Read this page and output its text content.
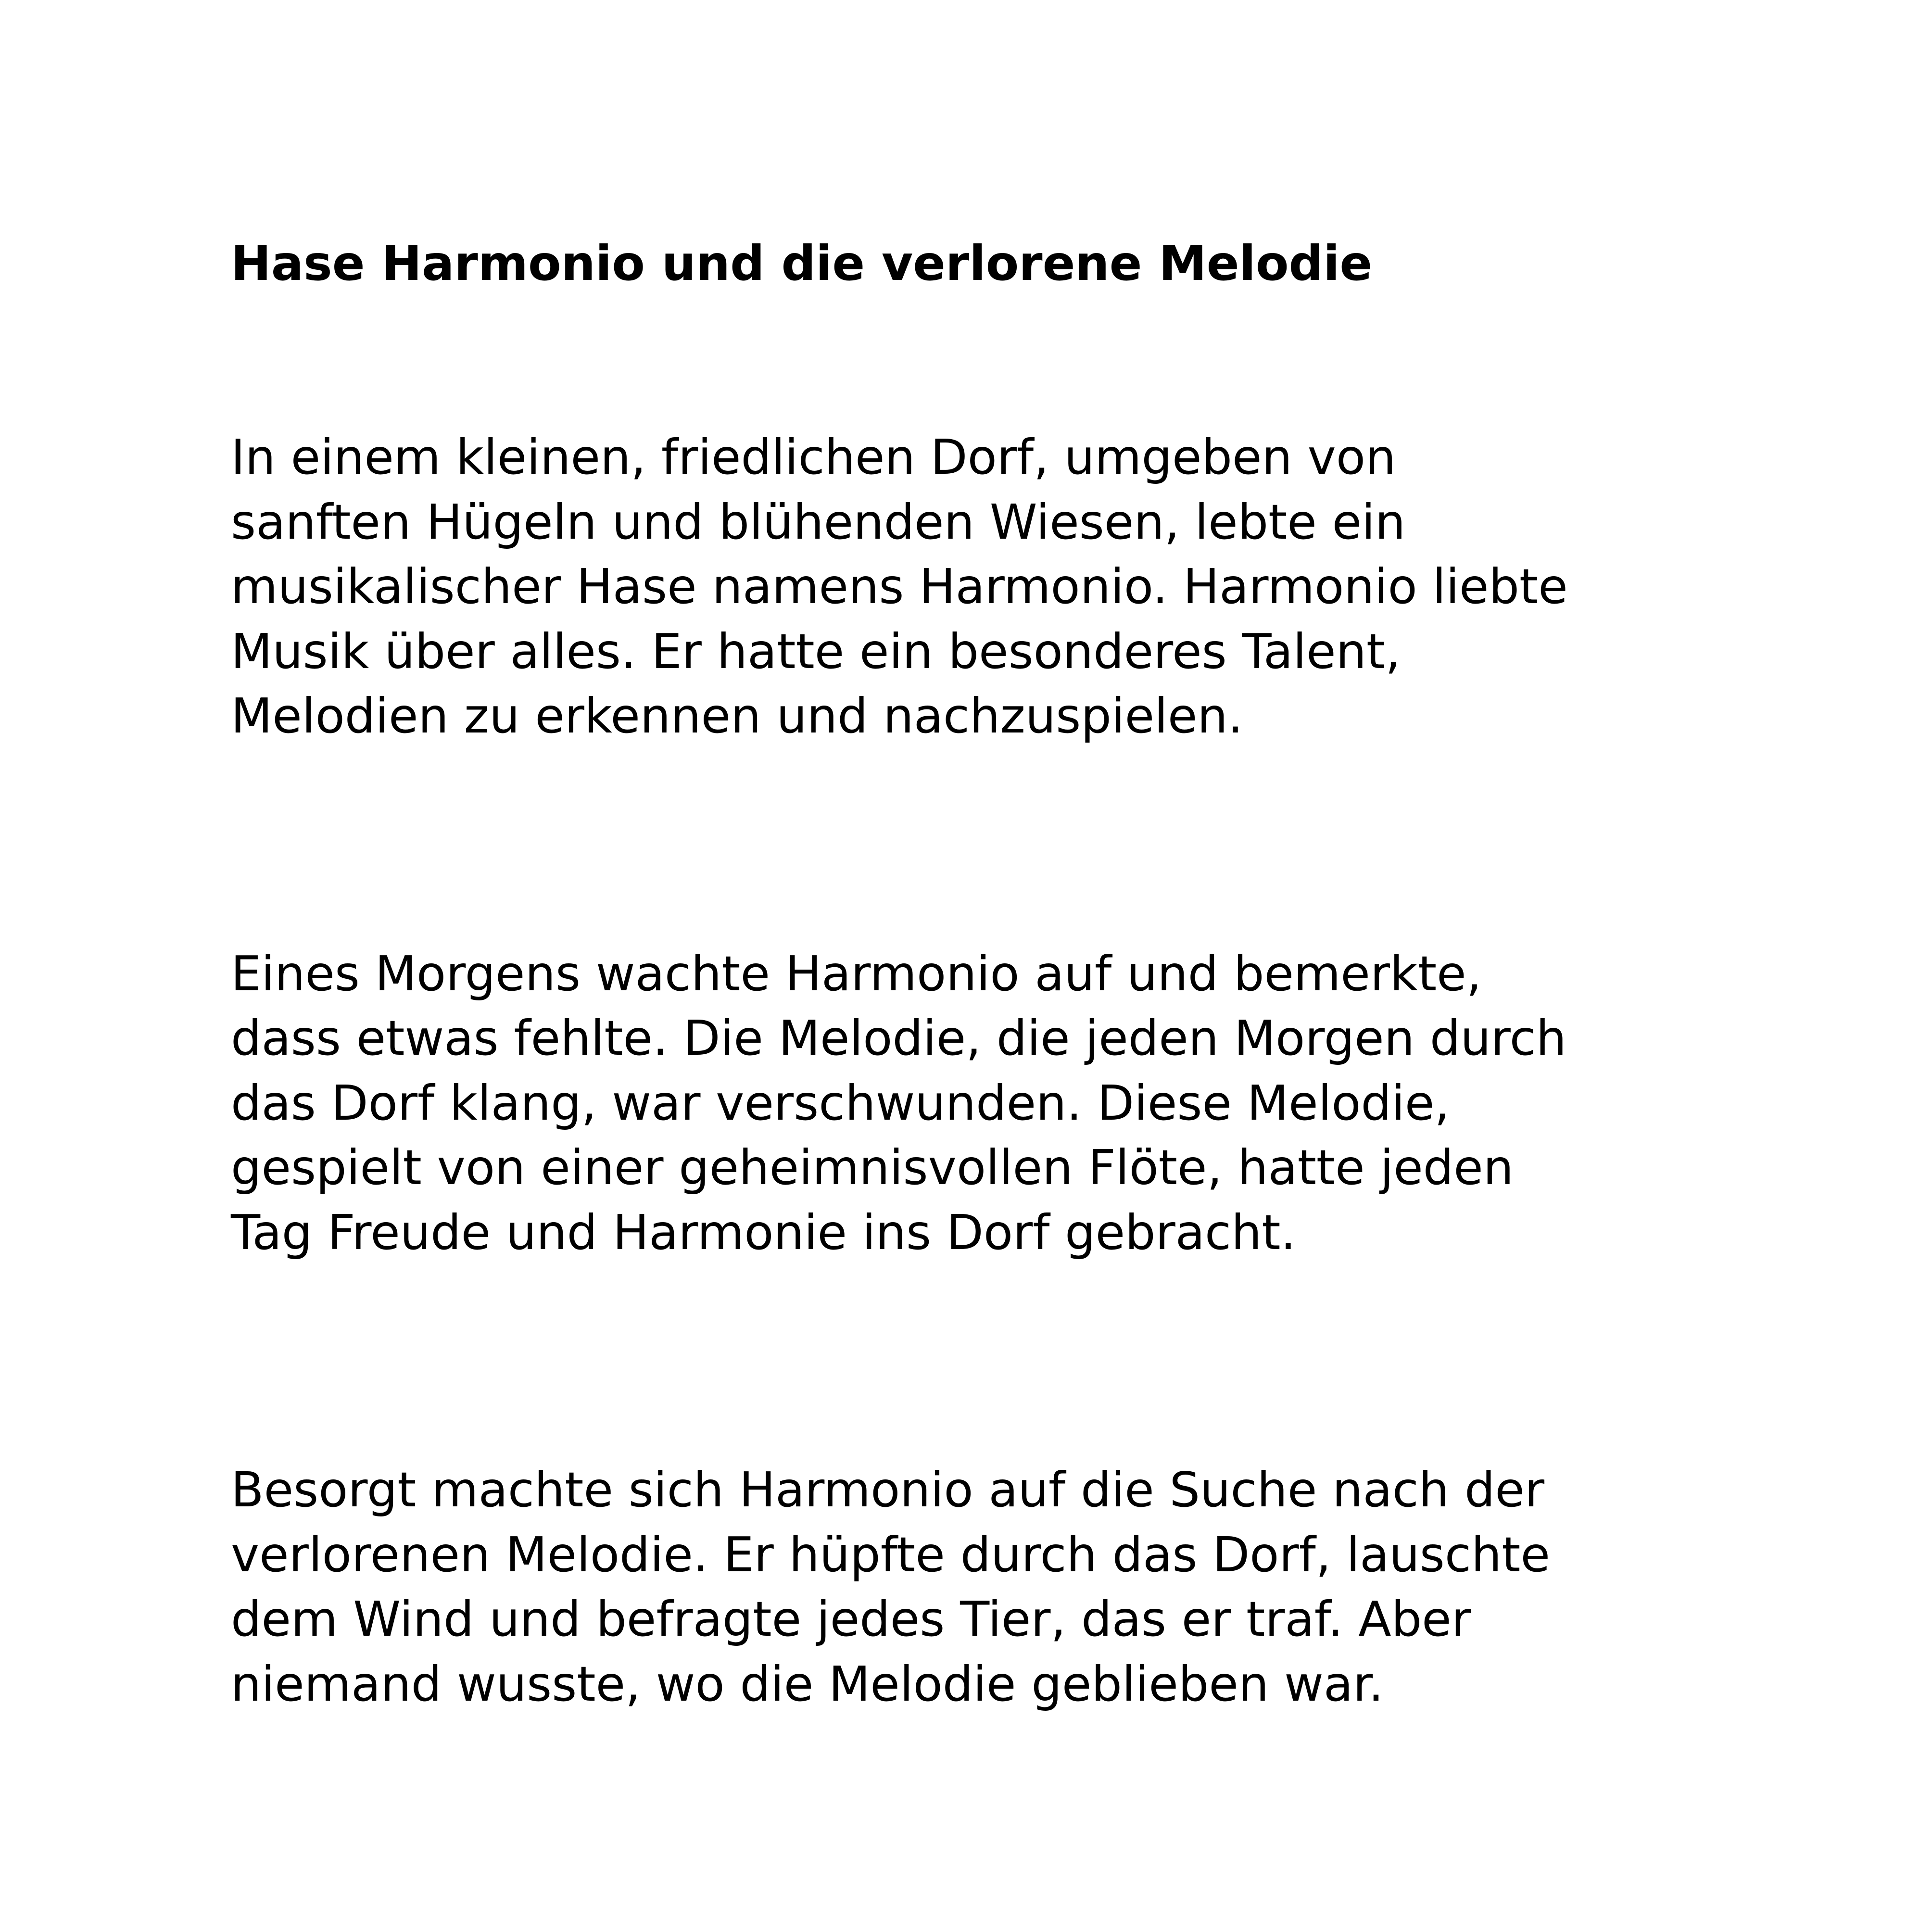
Hase Harmonio und die verlorene Melodie

In einem kleinen, friedlichen Dorf, umgeben von
sanften Hügeln und blühenden Wiesen, lebte ein
musikalischer Hase namens Harmonio. Harmonio liebte
Musik über alles. Er hatte ein besonderes Talent,
Melodien zu erkennen und nachzuspielen.

Eines Morgens wachte Harmonio auf und bemerkte,
dass etwas fehlte. Die Melodie, die jeden Morgen durch
das Dorf klang, war verschwunden. Diese Melodie,
gespielt von einer geheimnisvollen Flöte, hatte jeden
Tag Freude und Harmonie ins Dorf gebracht.

Besorgt machte sich Harmonio auf die Suche nach der
verlorenen Melodie. Er hüpfte durch das Dorf, lauschte
dem Wind und befragte jedes Tier, das er traf. Aber
niemand wusste, wo die Melodie geblieben war.
